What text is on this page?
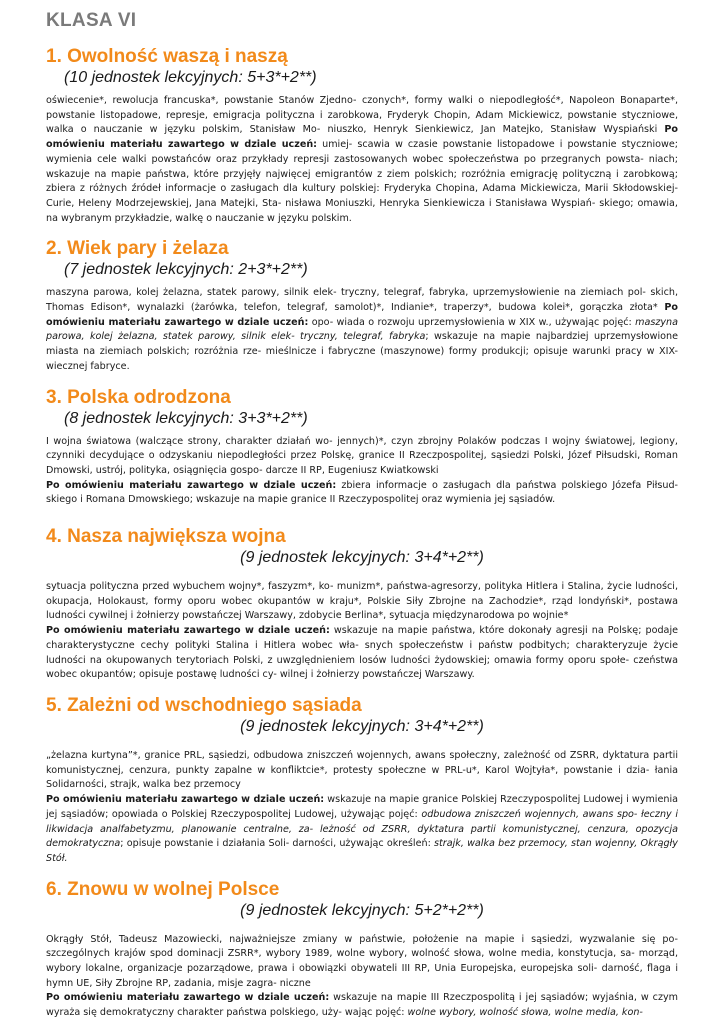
KLASA VI
1. Owolność waszą i naszą
(10 jednostek lekcyjnych: 5+3*+2**)

oświecenie*, rewolucja francuska*, powstanie Stanów Zjedno- czonych*, formy walki o niepodległość*, Napoleon Bonaparte*, powstanie listopadowe, represje, emigracja polityczna i zarobkowa, Fryderyk Chopin, Adam Mickiewicz, powstanie styczniowe, walka o nauczanie w języku polskim, Stanisław Mo- niuszko, Henryk Sienkiewicz, Jan Matejko, Stanisław Wyspiański Po omówieniu materiału zawartego w dziale uczeń: umiej- scawia w czasie powstanie listopadowe i powstanie styczniowe; wymienia cele walki powstańców oraz przykłady represji zastosowanych wobec społeczeństwa po przegranych powsta- niach; wskazuje na mapie państwa, które przyjęły najwięcej emigrantów z ziem polskich; rozróżnia emigrację polityczną i zarobkową; zbiera z różnych źródeł informacje o zasługach dla kultury polskiej: Fryderyka Chopina, Adama Mickiewicza, Marii Skłodowskiej-Curie, Heleny Modrzejewskiej, Jana Matejki, Sta- nisława Moniuszki, Henryka Sienkiewicza i Stanisława Wyspiań- skiego; omawia, na wybranym przykładzie, walkę o nauczanie w języku polskim.

2. Wiek pary i żelaza
(7 jednostek lekcyjnych: 2+3*+2**)

maszyna parowa, kolej żelazna, statek parowy, silnik elek- tryczny, telegraf, fabryka, uprzemysłowienie na ziemiach pol- skich, Thomas Edison*, wynalazki (żarówka, telefon, telegraf, samolot)*, Indianie*, traperzy*, budowa kolei*, gorączka złota* Po omówieniu materiału zawartego w dziale uczeń: opo- wiada o rozwoju uprzemysłowienia w XIX w., używając pojęć: maszyna parowa, kolej żelazna, statek parowy, silnik elek- tryczny, telegraf, fabryka; wskazuje na mapie najbardziej uprzemysłowione miasta na ziemiach polskich; rozróżnia rze- mieślnicze i fabryczne (maszynowe) formy produkcji; opisuje warunki pracy w XIX-wiecznej fabryce.

3. Polska odrodzona
(8 jednostek lekcyjnych: 3+3*+2**)

I wojna światowa (walczące strony, charakter działań wo- jennych)*, czyn zbrojny Polaków podczas I wojny światowej, legiony, czynniki decydujące o odzyskaniu niepodległości przez Polskę, granice II Rzeczpospolitej, sąsiedzi Polski, Józef Piłsudski, Roman Dmowski, ustrój, polityka, osiągnięcia gospo- darcze II RP, Eugeniusz Kwiatkowski
Po omówieniu materiału zawartego w dziale uczeń: zbiera informacje o zasługach dla państwa polskiego Józefa Piłsud- skiego i Romana Dmowskiego; wskazuje na mapie granice II Rzeczypospolitej oraz wymienia jej sąsiadów.

4. Nasza największa wojna
(9 jednostek lekcyjnych: 3+4*+2**)

sytuacja polityczna przed wybuchem wojny*, faszyzm*, ko- munizm*, państwa-agresorzy, polityka Hitlera i Stalina, życie ludności, okupacja, Holokaust, formy oporu wobec okupantów w kraju*, Polskie Siły Zbrojne na Zachodzie*, rząd londyński*, postawa ludności cywilnej i żołnierzy powstańczej Warszawy, zdobycie Berlina*, sytuacja międzynarodowa po wojnie*
Po omówieniu materiału zawartego w dziale uczeń: wskazuje na mapie państwa, które dokonały agresji na Polskę; podaje charakterystyczne cechy polityki Stalina i Hitlera wobec wła- snych społeczeństw i państw podbitych; charakteryzuje życie ludności na okupowanych terytoriach Polski, z uwzględnieniem losów ludności żydowskiej; omawia formy oporu społe- czeństwa wobec okupantów; opisuje postawę ludności cy- wilnej i żołnierzy powstańczej Warszawy.

5. Zależni od wschodniego sąsiada
(9 jednostek lekcyjnych: 3+4*+2**)

„żelazna kurtyna”*, granice PRL, sąsiedzi, odbudowa zniszczeń wojennych, awans społeczny, zależność od ZSRR, dyktatura partii komunistycznej, cenzura, punkty zapalne w konfliktcie*, protesty społeczne w PRL-u*, Karol Wojtyła*, powstanie i dzia- łania Solidarności, strajk, walka bez przemocy
Po omówieniu materiału zawartego w dziale uczeń: wskazuje na mapie granice Polskiej Rzeczypospolitej Ludowej i wymienia jej sąsiadów; opowiada o Polskiej Rzeczypospolitej Ludowej, używając pojęć: odbudowa zniszczeń wojennych, awans spo- łeczny i likwidacja analfabetyzmu, planowanie centralne, za- leżność od ZSRR, dyktatura partii komunistycznej, cenzura, opozycja demokratyczna; opisuje powstanie i działania Soli- darności, używając określeń: strajk, walka bez przemocy, stan wojenny, Okrągły Stół.

6. Znowu w wolnej Polsce
(9 jednostek lekcyjnych: 5+2*+2**)

Okrągły Stół, Tadeusz Mazowiecki, najważniejsze zmiany w państwie, położenie na mapie i sąsiedzi, wyzwalanie się po- szczególnych krajów spod dominacji ZSRR*, wybory 1989, wolne wybory, wolność słowa, wolne media, konstytucja, sa- morząd, wybory lokalne, organizacje pozarządowe, prawa i obowiązki obywateli III RP, Unia Europejska, europejska soli- darność, flaga i hymn UE, Siły Zbrojne RP, zadania, misje zagra- niczne
Po omówieniu materiału zawartego w dziale uczeń: wskazuje na mapie III Rzeczpospolitą i jej sąsiadów; wyjaśnia, w czym wyraża się demokratyczny charakter państwa polskiego, uży- wając pojęć: wolne wybory, wolność słowa, wolne media, kon-
